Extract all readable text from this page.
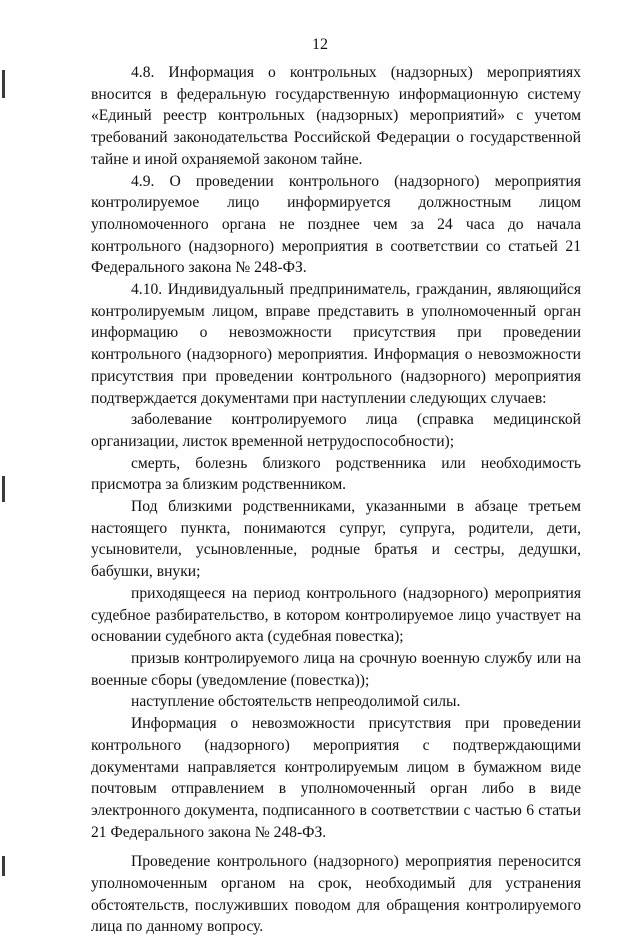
12

4.8. Информация о контрольных (надзорных) мероприятиях вносится в федеральную государственную информационную систему «Единый реестр контрольных (надзорных) мероприятий» с учетом требований законодательства Российской Федерации о государственной тайне и иной охраняемой законом тайне.

4.9. О проведении контрольного (надзорного) мероприятия контролируемое лицо информируется должностным лицом уполномоченного органа не позднее чем за 24 часа до начала контрольного (надзорного) мероприятия в соответствии со статьей 21 Федерального закона № 248-ФЗ.

4.10. Индивидуальный предприниматель, гражданин, являющийся контролируемым лицом, вправе представить в уполномоченный орган информацию о невозможности присутствия при проведении контрольного (надзорного) мероприятия. Информация о невозможности присутствия при проведении контрольного (надзорного) мероприятия подтверждается документами при наступлении следующих случаев:

заболевание контролируемого лица (справка медицинской организации, листок временной нетрудоспособности);

смерть, болезнь близкого родственника или необходимость присмотра за близким родственником.

Под близкими родственниками, указанными в абзаце третьем настоящего пункта, понимаются супруг, супруга, родители, дети, усыновители, усыновленные, родные братья и сестры, дедушки, бабушки, внуки;

приходящееся на период контрольного (надзорного) мероприятия судебное разбирательство, в котором контролируемое лицо участвует на основании судебного акта (судебная повестка);

призыв контролируемого лица на срочную военную службу или на военные сборы (уведомление (повестка));

наступление обстоятельств непреодолимой силы.

Информация о невозможности присутствия при проведении контрольного (надзорного) мероприятия с подтверждающими документами направляется контролируемым лицом в бумажном виде почтовым отправлением в уполномоченный орган либо в виде электронного документа, подписанного в соответствии с частью 6 статьи 21 Федерального закона № 248-ФЗ.

Проведение контрольного (надзорного) мероприятия переносится уполномоченным органом на срок, необходимый для устранения обстоятельств, послуживших поводом для обращения контролируемого лица по данному вопросу.
